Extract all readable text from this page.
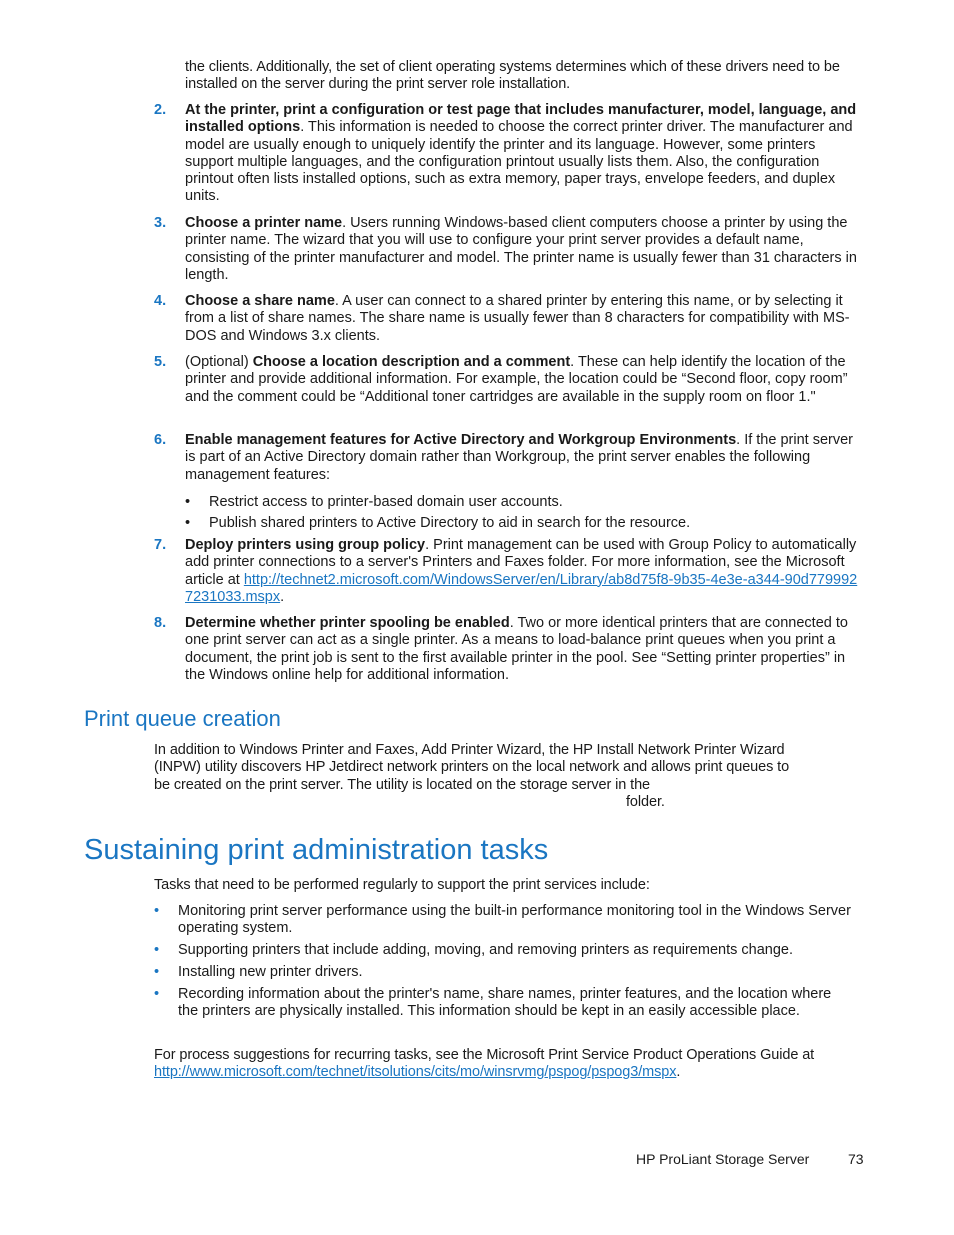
the clients. Additionally, the set of client operating systems determines which of these drivers need to be installed on the server during the print server role installation.
2. At the printer, print a configuration or test page that includes manufacturer, model, language, and installed options. This information is needed to choose the correct printer driver. The manufacturer and model are usually enough to uniquely identify the printer and its language. However, some printers support multiple languages, and the configuration printout usually lists them. Also, the configuration printout often lists installed options, such as extra memory, paper trays, envelope feeders, and duplex units.
3. Choose a printer name. Users running Windows-based client computers choose a printer by using the printer name. The wizard that you will use to configure your print server provides a default name, consisting of the printer manufacturer and model. The printer name is usually fewer than 31 characters in length.
4. Choose a share name. A user can connect to a shared printer by entering this name, or by selecting it from a list of share names. The share name is usually fewer than 8 characters for compatibility with MS-DOS and Windows 3.x clients.
5. (Optional) Choose a location description and a comment. These can help identify the location of the printer and provide additional information. For example, the location could be “Second floor, copy room” and the comment could be “Additional toner cartridges are available in the supply room on floor 1."
6. Enable management features for Active Directory and Workgroup Environments. If the print server is part of an Active Directory domain rather than Workgroup, the print server enables the following management features:
• Restrict access to printer-based domain user accounts.
• Publish shared printers to Active Directory to aid in search for the resource.
7. Deploy printers using group policy. Print management can be used with Group Policy to automatically add printer connections to a server's Printers and Faxes folder. For more information, see the Microsoft article at http://technet2.microsoft.com/WindowsServer/en/Library/ab8d75f8-9b35-4e3e-a344-90d7799927231033.mspx.
8. Determine whether printer spooling be enabled. Two or more identical printers that are connected to one print server can act as a single printer. As a means to load-balance print queues when you print a document, the print job is sent to the first available printer in the pool. See “Setting printer properties” in the Windows online help for additional information.
Print queue creation
In addition to Windows Printer and Faxes, Add Printer Wizard, the HP Install Network Printer Wizard (INPW) utility discovers HP Jetdirect network printers on the local network and allows print queues to be created on the print server. The utility is located on the storage server in the
folder.
Sustaining print administration tasks
Tasks that need to be performed regularly to support the print services include:
• Monitoring print server performance using the built-in performance monitoring tool in the Windows Server operating system.
• Supporting printers that include adding, moving, and removing printers as requirements change.
• Installing new printer drivers.
• Recording information about the printer's name, share names, printer features, and the location where the printers are physically installed. This information should be kept in an easily accessible place.
For process suggestions for recurring tasks, see the Microsoft Print Service Product Operations Guide at http://www.microsoft.com/technet/itsolutions/cits/mo/winsrvmg/pspog/pspog3/mspx.
HP ProLiant Storage Server	73
